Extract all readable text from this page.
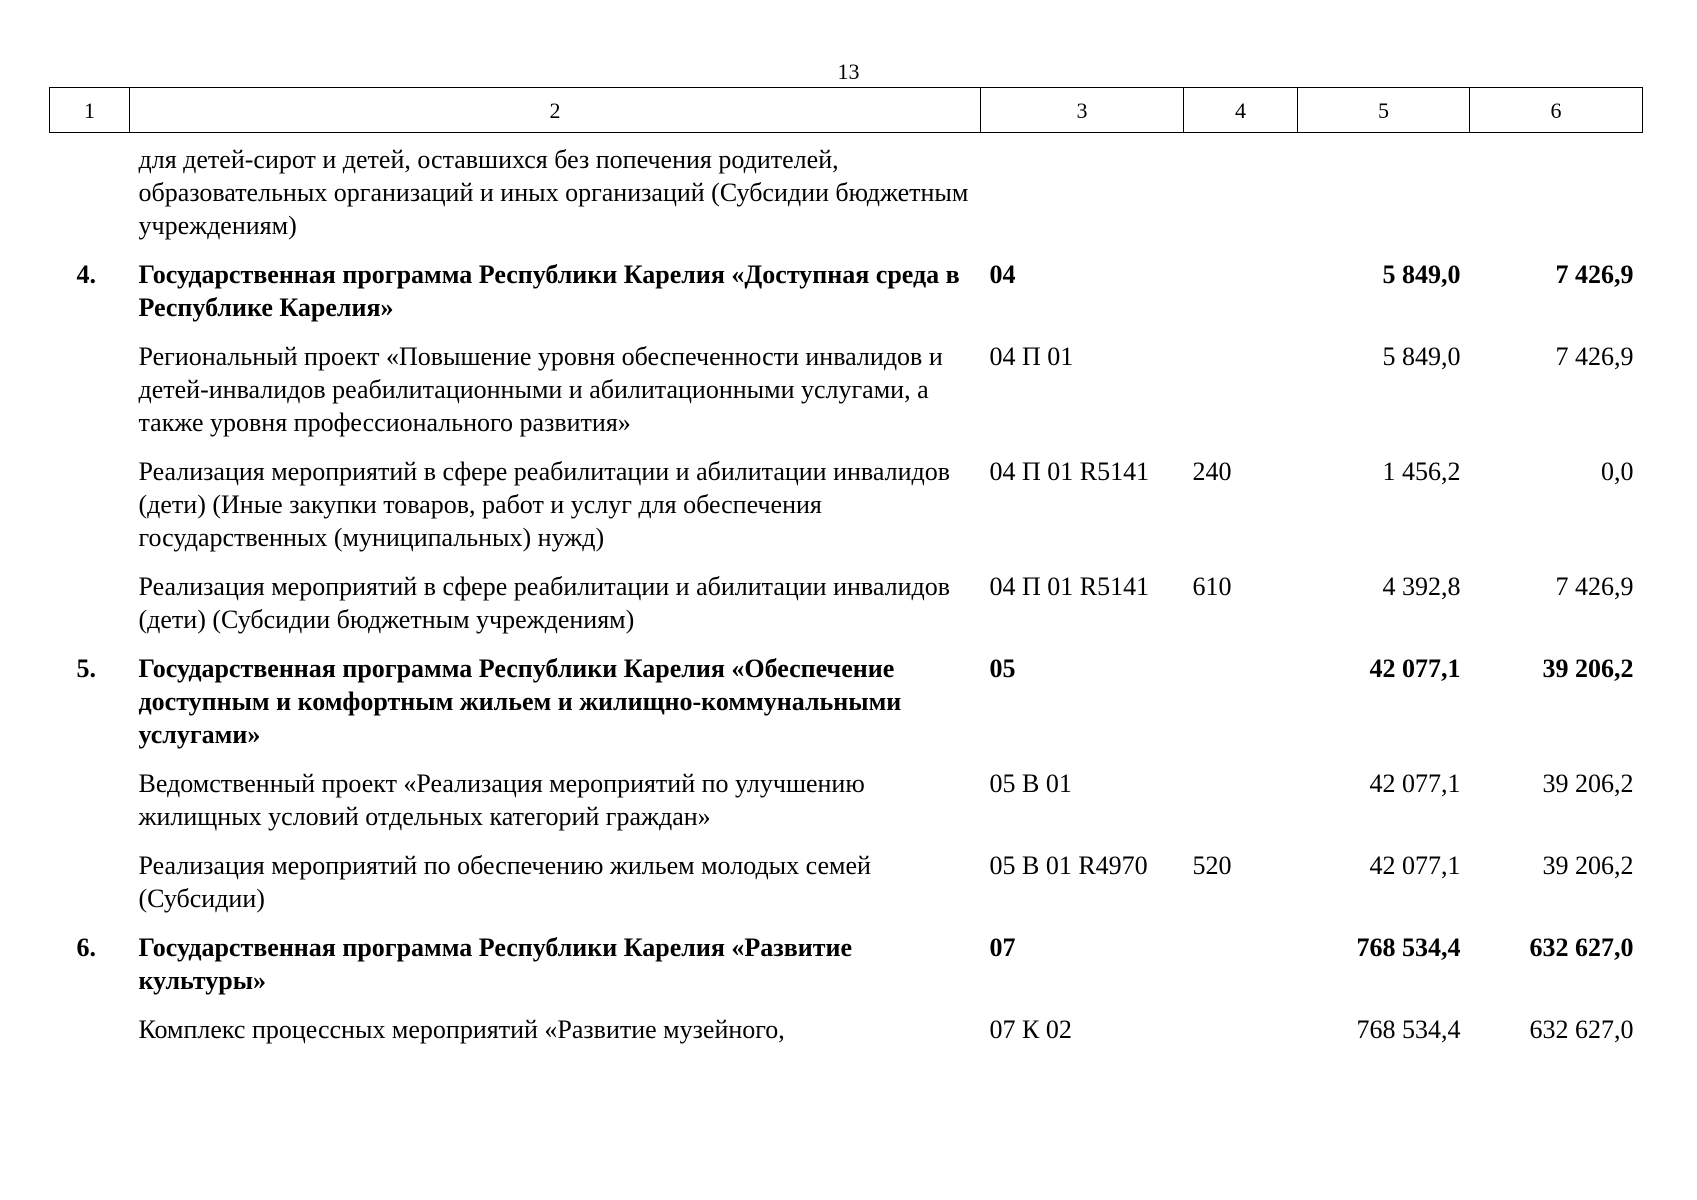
13
1	2	3	4	5	6
	для детей-сирот и детей, оставшихся без попечения родителей, образовательных организаций и иных организаций (Субсидии бюджетным учреждениям)				
4.	Государственная программа Республики Карелия «Доступная среда в Республике Карелия»	04		5 849,0	7 426,9
	Региональный проект «Повышение уровня обеспеченности инвалидов и детей-инвалидов реабилитационными и абилитационными услугами, а также уровня профессионального развития»	04 П 01		5 849,0	7 426,9
	Реализация мероприятий в сфере реабилитации и абилитации инвалидов (дети) (Иные закупки товаров, работ и услуг для обеспечения государственных (муниципальных) нужд)	04 П 01 R5141	240	1 456,2	0,0
	Реализация мероприятий в сфере реабилитации и абилитации инвалидов (дети) (Субсидии бюджетным учреждениям)	04 П 01 R5141	610	4 392,8	7 426,9
5.	Государственная программа Республики Карелия «Обеспечение доступным и комфортным жильем и жилищно-коммунальными услугами»	05		42 077,1	39 206,2
	Ведомственный проект «Реализация мероприятий по улучшению жилищных условий отдельных категорий граждан»	05 В 01		42 077,1	39 206,2
	Реализация мероприятий по обеспечению жильем молодых семей (Субсидии)	05 В 01 R4970	520	42 077,1	39 206,2
6.	Государственная программа Республики Карелия «Развитие культуры»	07		768 534,4	632 627,0
	Комплекс процессных мероприятий «Развитие музейного,	07 К 02		768 534,4	632 627,0
